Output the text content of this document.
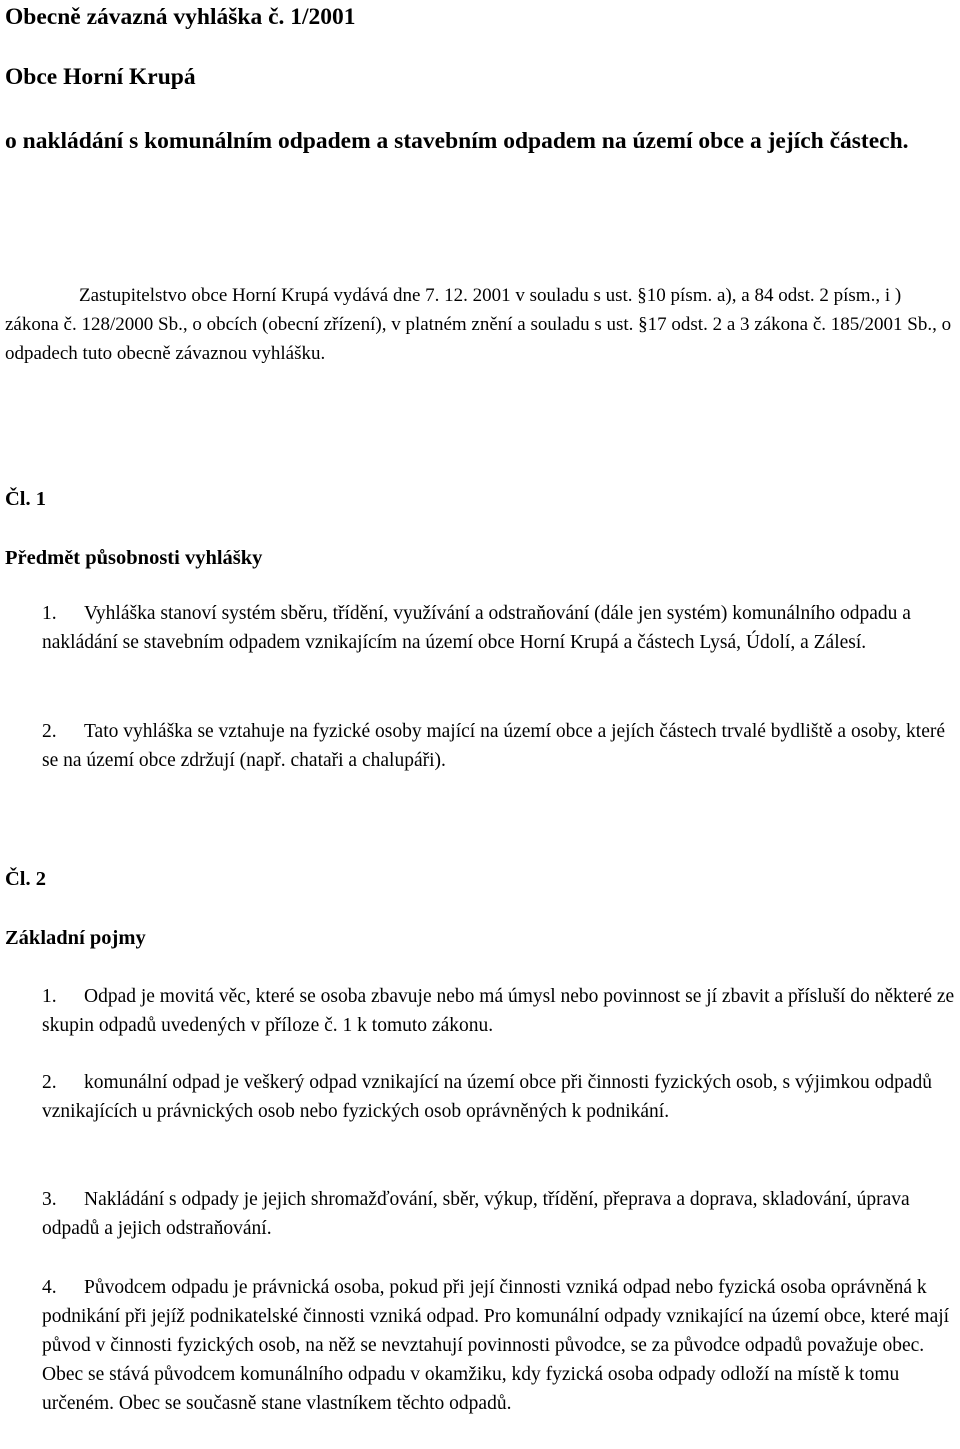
Obecně závazná vyhláška č. 1/2001
Obce Horní Krupá
o nakládání s komunálním odpadem a stavebním odpadem na území obce a jejích částech.

Zastupitelstvo obce Horní Krupá vydává dne 7. 12. 2001 v souladu s ust. §10 písm. a), a 84 odst. 2 písm., i ) zákona č. 128/2000 Sb., o obcích (obecní zřízení), v platném znění a souladu s ust. §17 odst. 2 a 3 zákona č. 185/2001 Sb., o odpadech tuto obecně závaznou vyhlášku.

Čl. 1
Předmět působnosti vyhlášky

1. Vyhláška stanoví systém sběru, třídění, využívání a odstraňování (dále jen systém) komunálního odpadu a nakládání se stavebním odpadem vznikajícím na území obce Horní Krupá a částech Lysá, Údolí, a Zálesí.

2. Tato vyhláška se vztahuje na fyzické osoby mající na území obce a jejích částech trvalé bydliště a osoby, které se na území obce zdržují (např. chataři a chalupáři).

Čl. 2
Základní pojmy

1. Odpad je movitá věc, které se osoba zbavuje nebo má úmysl nebo povinnost se jí zbavit a přísluší do některé ze skupin odpadů uvedených v příloze č. 1 k tomuto zákonu.

2. komunální odpad je veškerý odpad vznikající na území obce při činnosti fyzických osob, s výjimkou odpadů vznikajících u právnických osob nebo fyzických osob oprávněných k podnikání.

3. Nakládání s odpady je jejich shromažďování, sběr, výkup, třídění, přeprava a doprava, skladování, úprava odpadů a jejich odstraňování.

4. Původcem odpadu je právnická osoba, pokud při její činnosti vzniká odpad nebo fyzická osoba oprávněná k podnikání při jejíž podnikatelské činnosti vzniká odpad. Pro komunální odpady vznikající na území obce, které mají původ v činnosti fyzických osob, na něž se nevztahují povinnosti původce, se za původce odpadů považuje obec. Obec se stává původcem komunálního odpadu v okamžiku, kdy fyzická osoba odpady odloží na místě k tomu určeném. Obec se současně stane vlastníkem těchto odpadů.
